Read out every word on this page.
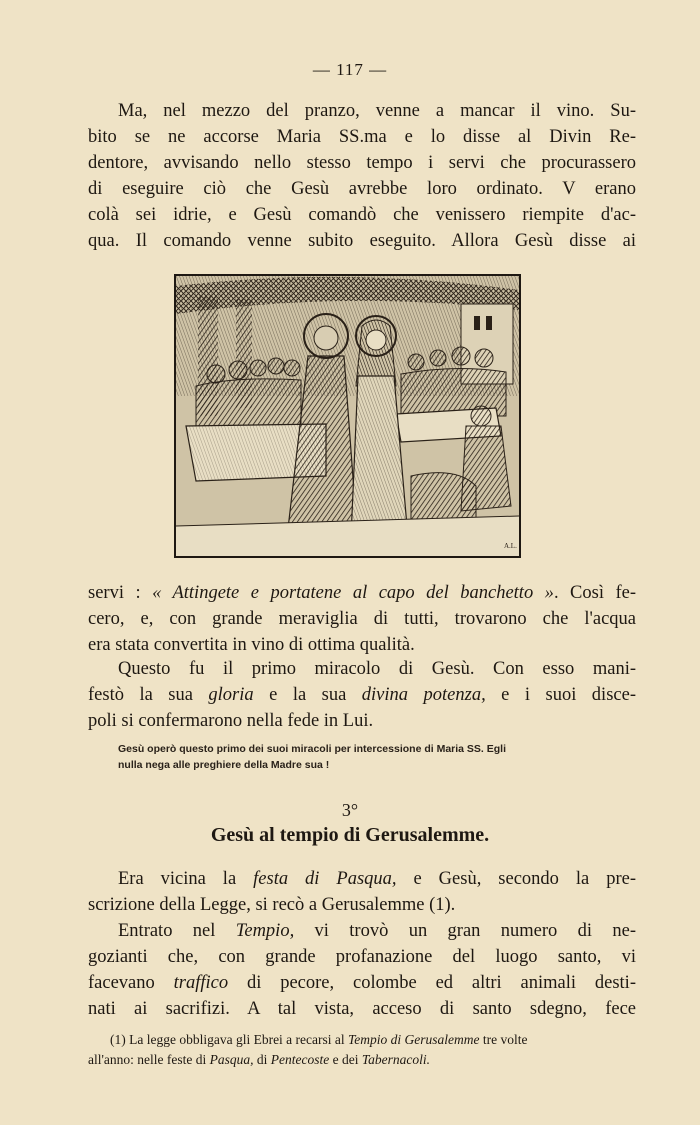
— 117 —
Ma, nel mezzo del pranzo, venne a mancar il vino. Su-
bito se ne accorse Maria SS.ma e lo disse al Divin Re-
dentore, avvisando nello stesso tempo i servi che procurassero
di eseguire ciò che Gesù avrebbe loro ordinato. V erano
colà sei idrie, e Gesù comandò che venissero riempite d'ac-
qua. Il comando venne subito eseguito. Allora Gesù disse ai
A.L.
servi : « Attingete e portatene al capo del banchetto ». Così fe-
cero, e, con grande meraviglia di tutti, trovarono che l'acqua
era stata convertita in vino di ottima qualità.
Questo fu il primo miracolo di Gesù. Con esso mani-
festò la sua gloria e la sua divina potenza, e i suoi disce-
poli si confermarono nella fede in Lui.
Gesù operò questo primo dei suoi miracoli per intercessione di Maria SS. Egli
nulla nega alle preghiere della Madre sua !
3°
Gesù al tempio di Gerusalemme.
Era vicina la festa di Pasqua, e Gesù, secondo la pre-
scrizione della Legge, si recò a Gerusalemme (1).
Entrato nel Tempio, vi trovò un gran numero di ne-
gozianti che, con grande profanazione del luogo santo, vi
facevano traffico di pecore, colombe ed altri animali desti-
nati ai sacrifizi. A tal vista, acceso di santo sdegno, fece
(1) La legge obbligava gli Ebrei a recarsi al Tempio di Gerusalemme tre volte
all'anno: nelle feste di Pasqua, di Pentecoste e dei Tabernacoli.
